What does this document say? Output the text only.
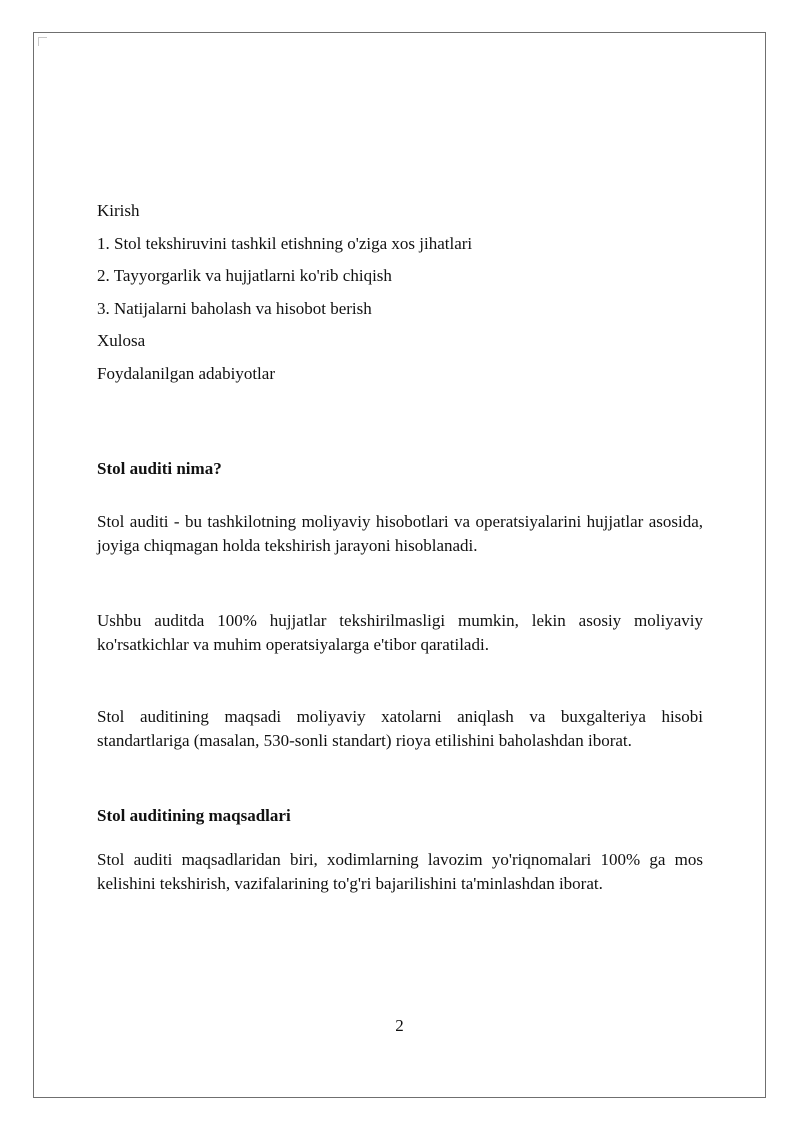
Kirish
1. Stol tekshiruvini tashkil etishning o'ziga xos jihatlari
2. Tayyorgarlik va hujjatlarni ko'rib chiqish
3. Natijalarni baholash va hisobot berish
Xulosa
Foydalanilgan adabiyotlar
Stol auditi nima?

Stol auditi - bu tashkilotning moliyaviy hisobotlari va operatsiyalarini hujjatlar asosida, joyiga chiqmagan holda tekshirish jarayoni hisoblanadi.

Ushbu auditda 100% hujjatlar tekshirilmasligi mumkin, lekin asosiy moliyaviy ko'rsatkichlar va muhim operatsiyalarga e'tibor qaratiladi.

Stol auditining maqsadi moliyaviy xatolarni aniqlash va buxgalteriya hisobi standartlariga (masalan, 530-sonli standart) rioya etilishini baholashdan iborat.

Stol auditining maqsadlari

Stol auditi maqsadlaridan biri, xodimlarning lavozim yo'riqnomalari 100% ga mos kelishini tekshirish, vazifalarining to'g'ri bajarilishini ta'minlashdan iborat.

2
